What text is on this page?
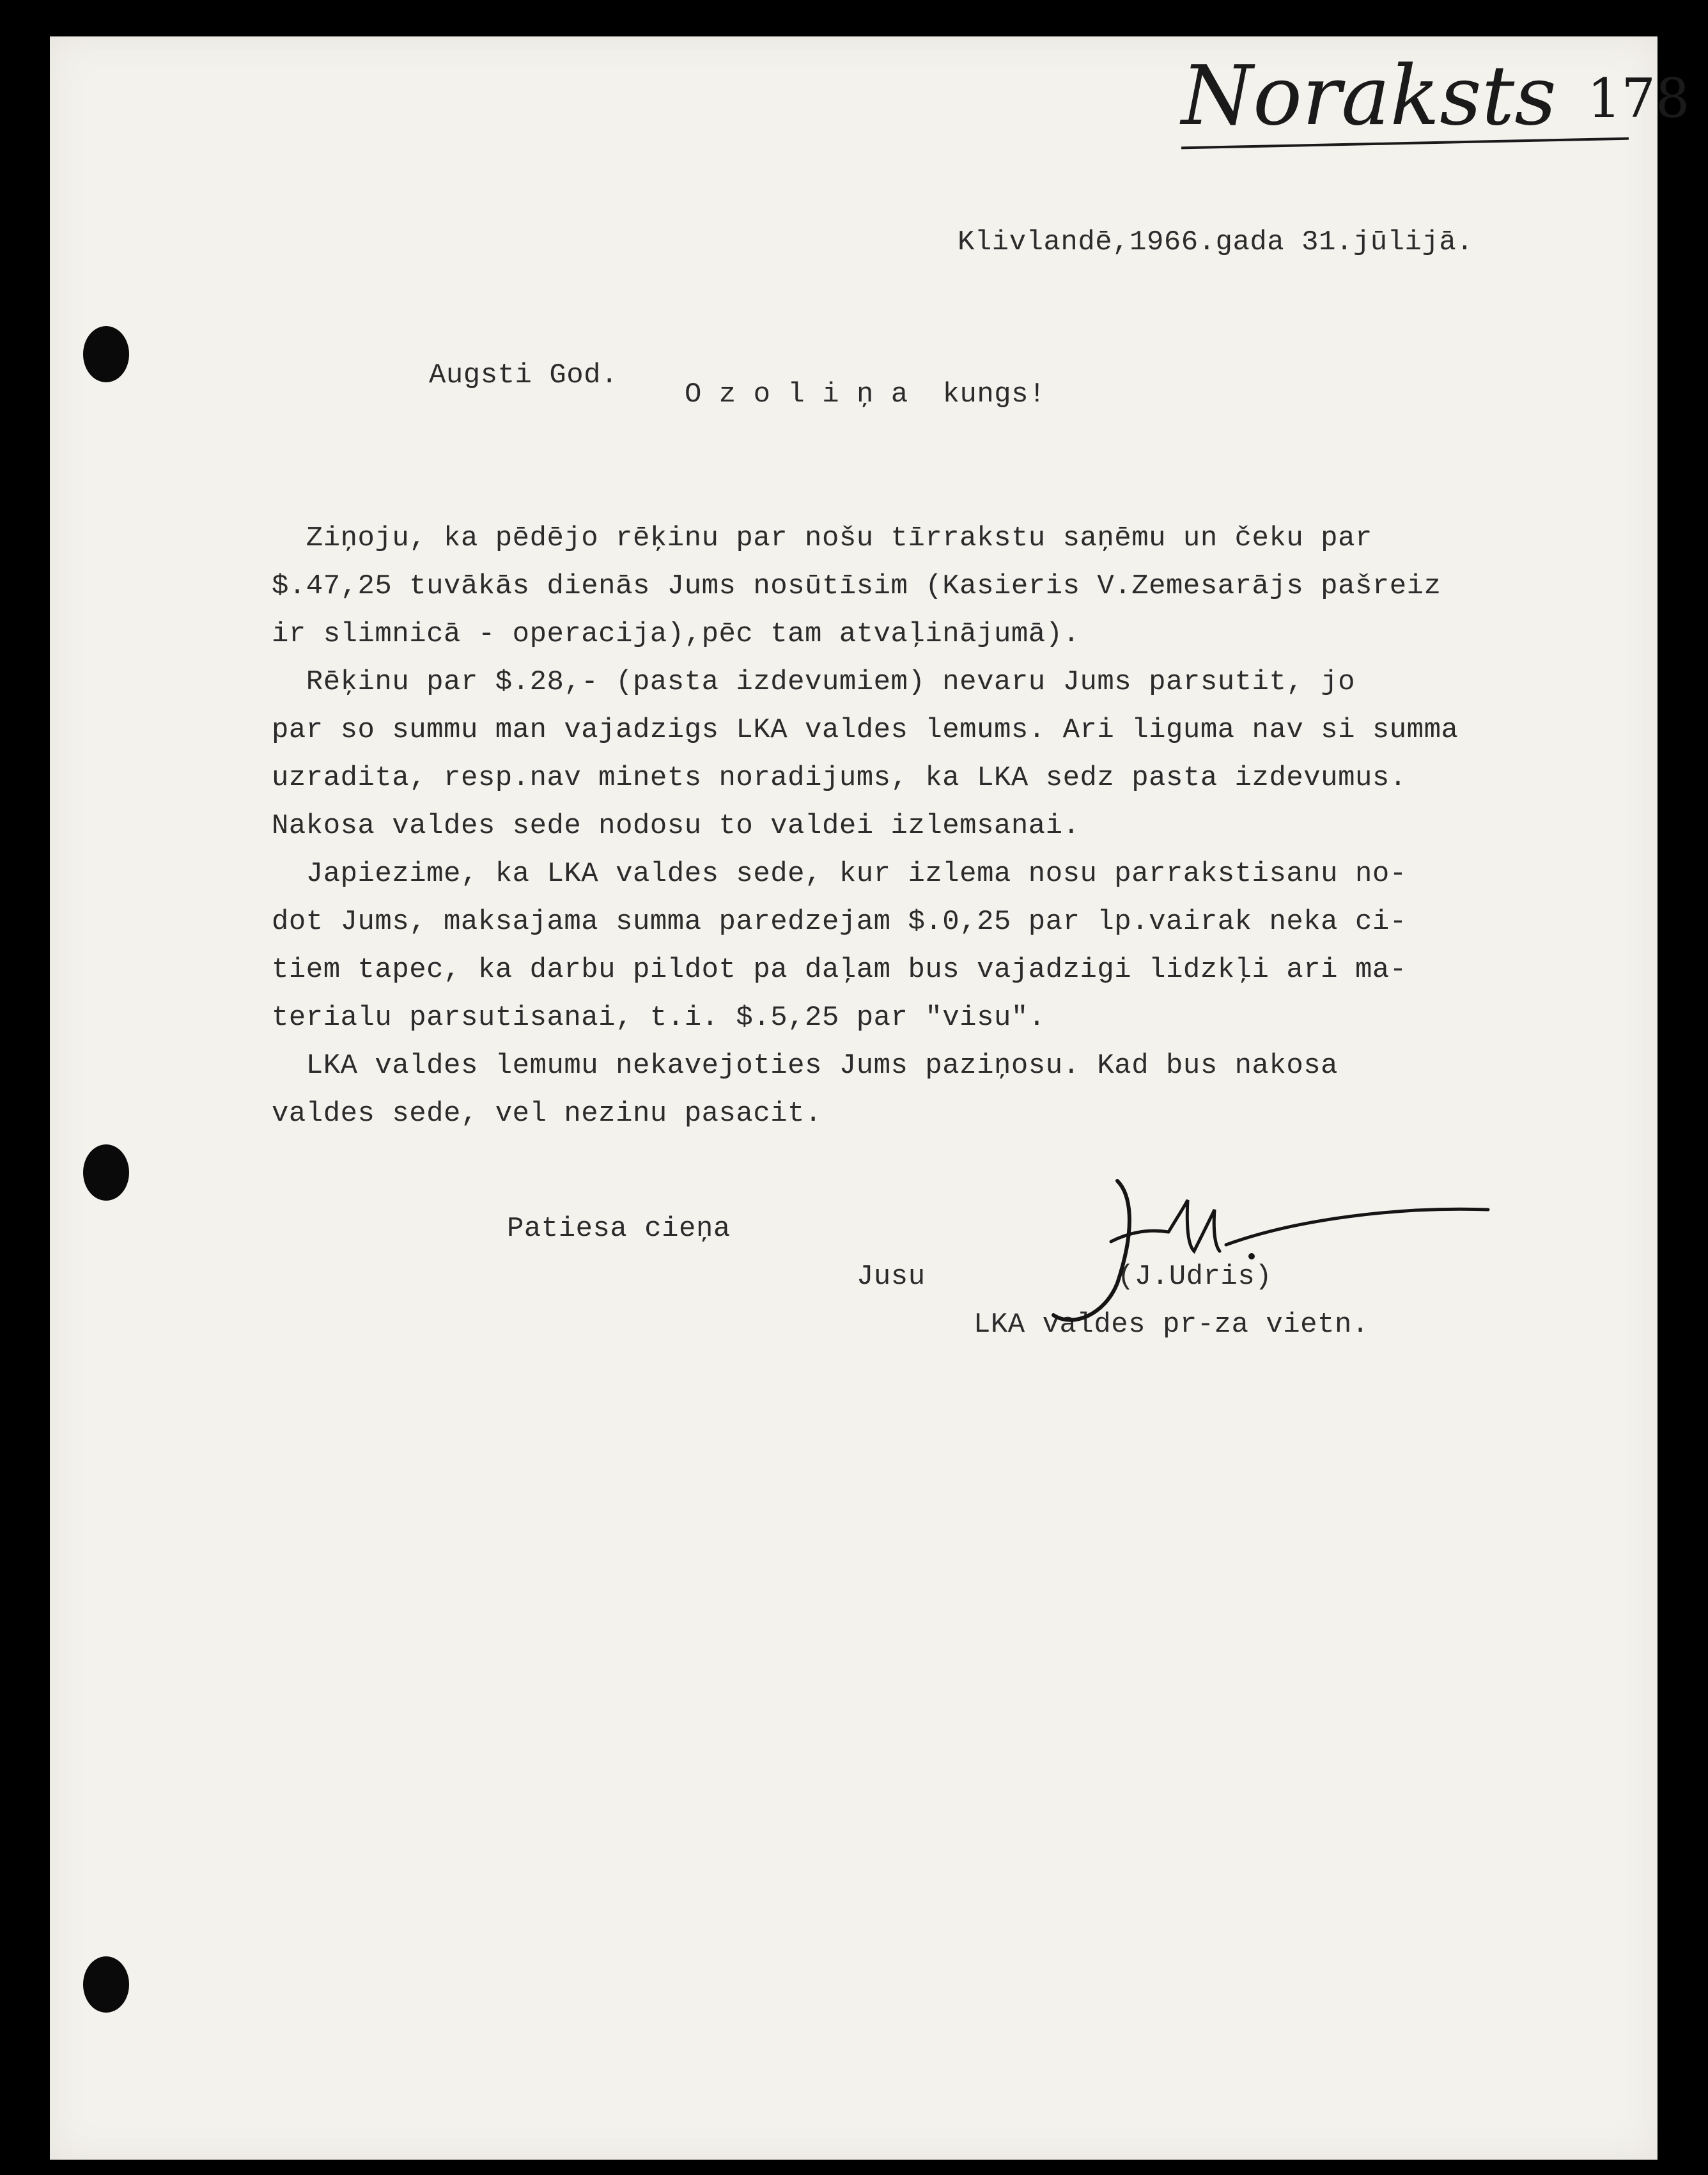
Noraksts 178
Klivlandē,1966.gada 31.jūlijā.
Augsti God.
O z o l i ņ a  kungs!
Ziņoju, ka pēdējo rēķinu par nošu tīrrakstu saņēmu un čeku par
$.47,25 tuvākās dienās Jums nosūtīsim (Kasieris V.Zemesarājs pašreiz
ir slimnicā - operacija),pēc tam atvaļinājumā).
Rēķinu par $.28,- (pasta izdevumiem) nevaru Jums parsutit, jo
par so summu man vajadzigs LKA valdes lemums. Ari liguma nav si summa
uzradita, resp.nav minets noradijums, ka LKA sedz pasta izdevumus.
Nakosa valdes sede nodosu to valdei izlemsanai.
Japiezime, ka LKA valdes sede, kur izlema nosu parrakstisanu no-
dot Jums, maksajama summa paredzejam $.0,25 par lp.vairak neka ci-
tiem tapec, ka darbu pildot pa daļam bus vajadzigi lidzkļi ari ma-
terialu parsutisanai, t.i. $.5,25 par "visu".
LKA valdes lemumu nekavejoties Jums paziņosu. Kad bus nakosa
valdes sede, vel nezinu pasacit.
Patiesa cieņa
Jusu	(J.Udris)
LKA valdes pr-za vietn.
